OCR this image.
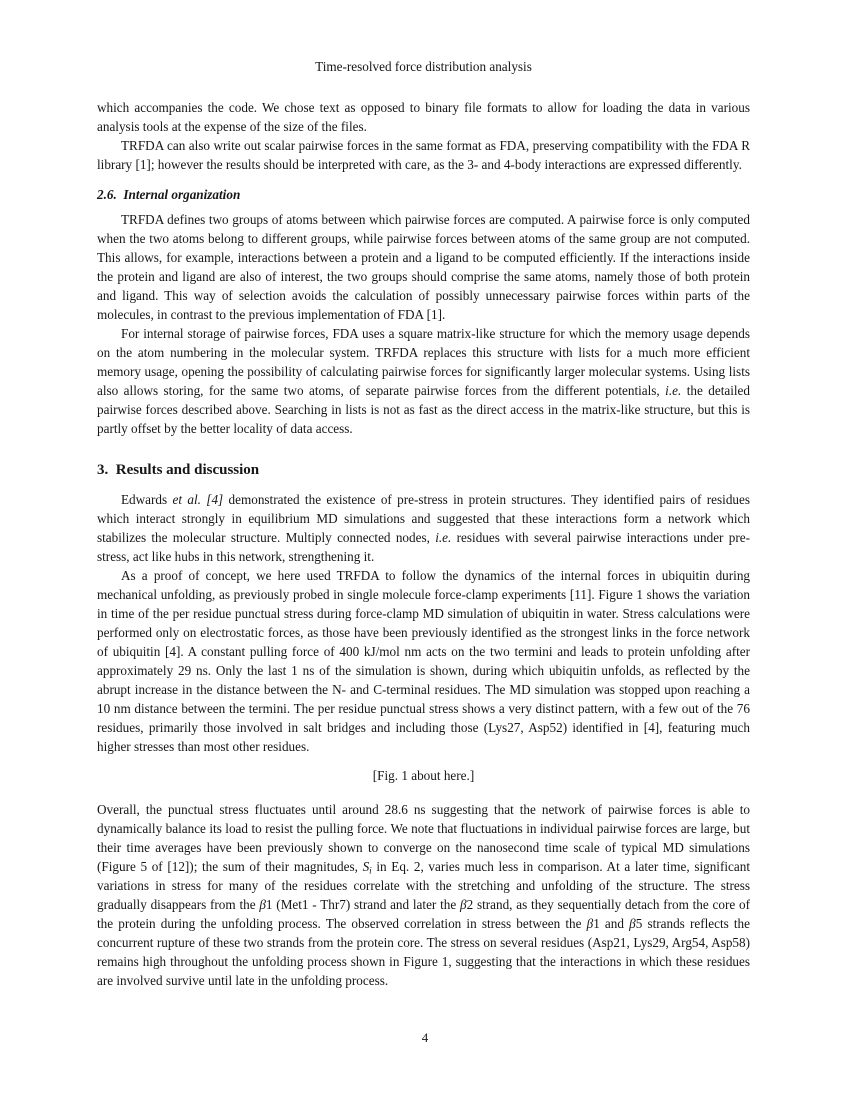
Time-resolved force distribution analysis

which accompanies the code. We chose text as opposed to binary file formats to allow for loading the data in various analysis tools at the expense of the size of the files.

TRFDA can also write out scalar pairwise forces in the same format as FDA, preserving compatibility with the FDA R library [1]; however the results should be interpreted with care, as the 3- and 4-body interactions are expressed differently.

2.6.  Internal organization

TRFDA defines two groups of atoms between which pairwise forces are computed. A pairwise force is only computed when the two atoms belong to different groups, while pairwise forces between atoms of the same group are not computed. This allows, for example, interactions between a protein and a ligand to be computed efficiently. If the interactions inside the protein and ligand are also of interest, the two groups should comprise the same atoms, namely those of both protein and ligand. This way of selection avoids the calculation of possibly unnecessary pairwise forces within parts of the molecules, in contrast to the previous implementation of FDA [1].

For internal storage of pairwise forces, FDA uses a square matrix-like structure for which the memory usage depends on the atom numbering in the molecular system. TRFDA replaces this structure with lists for a much more efficient memory usage, opening the possibility of calculating pairwise forces for significantly larger molecular systems. Using lists also allows storing, for the same two atoms, of separate pairwise forces from the different potentials, i.e. the detailed pairwise forces described above. Searching in lists is not as fast as the direct access in the matrix-like structure, but this is partly offset by the better locality of data access.

3.  Results and discussion

Edwards et al. [4] demonstrated the existence of pre-stress in protein structures. They identified pairs of residues which interact strongly in equilibrium MD simulations and suggested that these interactions form a network which stabilizes the molecular structure. Multiply connected nodes, i.e. residues with several pairwise interactions under pre-stress, act like hubs in this network, strengthening it.

As a proof of concept, we here used TRFDA to follow the dynamics of the internal forces in ubiquitin during mechanical unfolding, as previously probed in single molecule force-clamp experiments [11]. Figure 1 shows the variation in time of the per residue punctual stress during force-clamp MD simulation of ubiquitin in water. Stress calculations were performed only on electrostatic forces, as those have been previously identified as the strongest links in the force network of ubiquitin [4]. A constant pulling force of 400 kJ/mol nm acts on the two termini and leads to protein unfolding after approximately 29 ns. Only the last 1 ns of the simulation is shown, during which ubiquitin unfolds, as reflected by the abrupt increase in the distance between the N- and C-terminal residues. The MD simulation was stopped upon reaching a 10 nm distance between the termini. The per residue punctual stress shows a very distinct pattern, with a few out of the 76 residues, primarily those involved in salt bridges and including those (Lys27, Asp52) identified in [4], featuring much higher stresses than most other residues.

[Fig. 1 about here.]

Overall, the punctual stress fluctuates until around 28.6 ns suggesting that the network of pairwise forces is able to dynamically balance its load to resist the pulling force. We note that fluctuations in individual pairwise forces are large, but their time averages have been previously shown to converge on the nanosecond time scale of typical MD simulations (Figure 5 of [12]); the sum of their magnitudes, $S_i$ in Eq. 2, varies much less in comparison. At a later time, significant variations in stress for many of the residues correlate with the stretching and unfolding of the structure. The stress gradually disappears from the β1 (Met1 - Thr7) strand and later the β2 strand, as they sequentially detach from the core of the protein during the unfolding process. The observed correlation in stress between the β1 and β5 strands reflects the concurrent rupture of these two strands from the protein core. The stress on several residues (Asp21, Lys29, Arg54, Asp58) remains high throughout the unfolding process shown in Figure 1, suggesting that the interactions in which these residues are involved survive until late in the unfolding process.

4
